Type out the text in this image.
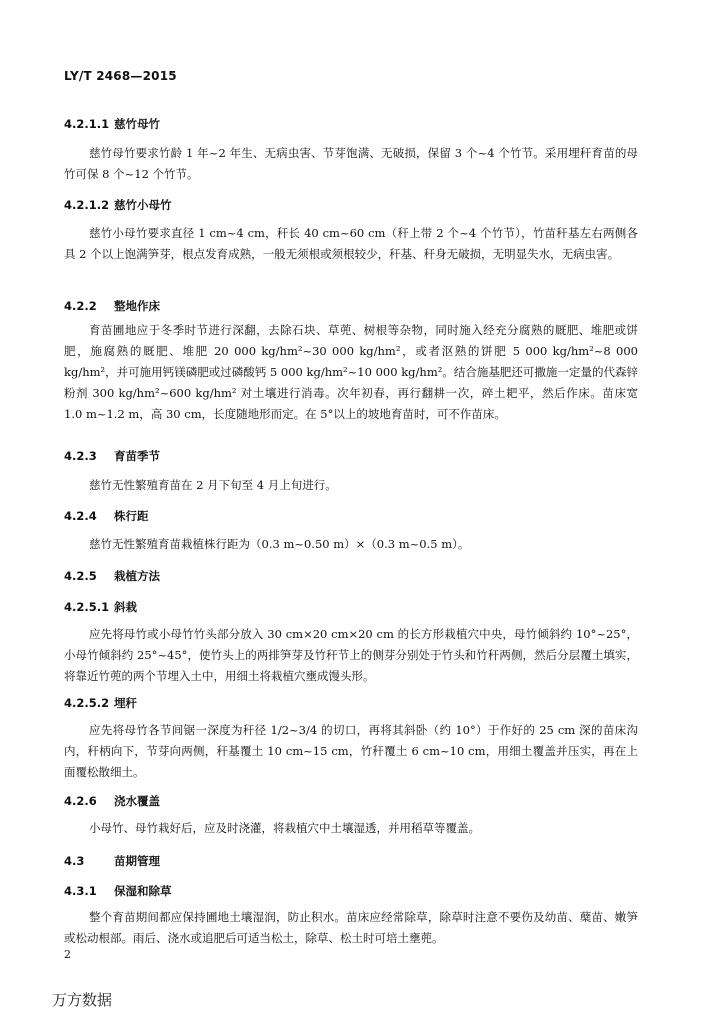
LY/T 2468—2015
4.2.1.1 慈竹母竹
慈竹母竹要求竹龄 1 年~2 年生、无病虫害、节芽饱满、无破损，保留 3 个~4 个竹节。采用埋秆育苗的母竹可保 8 个~12 个竹节。
4.2.1.2 慈竹小母竹
慈竹小母竹要求直径 1 cm~4 cm，秆长 40 cm~60 cm（秆上带 2 个~4 个竹节），竹苗秆基左右两侧各具 2 个以上饱满笋芽，根点发育成熟，一般无须根或须根较少，秆基、秆身无破损，无明显失水，无病虫害。
4.2.2 整地作床
育苗圃地应于冬季时节进行深翻，去除石块、草蔸、树根等杂物，同时施入经充分腐熟的厩肥、堆肥或饼肥，施腐熟的厩肥、堆肥 20 000 kg/hm²~30 000 kg/hm²，或者沤熟的饼肥 5 000 kg/hm²~8 000 kg/hm²，并可施用钙镁磷肥或过磷酸钙 5 000 kg/hm²~10 000 kg/hm²。结合施基肥还可撒施一定量的代森锌粉剂 300 kg/hm²~600 kg/hm² 对土壤进行消毒。次年初春，再行翻耕一次，碎土耙平，然后作床。苗床宽 1.0 m~1.2 m，高 30 cm，长度随地形而定。在 5°以上的坡地育苗时，可不作苗床。
4.2.3 育苗季节
慈竹无性繁殖育苗在 2 月下旬至 4 月上旬进行。
4.2.4 株行距
慈竹无性繁殖育苗栽植株行距为（0.3 m~0.50 m）×（0.3 m~0.5 m）。
4.2.5 栽植方法
4.2.5.1 斜栽
应先将母竹或小母竹竹头部分放入 30 cm×20 cm×20 cm 的长方形栽植穴中央，母竹倾斜约 10°~25°，小母竹倾斜约 25°~45°，使竹头上的两排笋芽及竹秆节上的侧芽分别处于竹头和竹秆两侧，然后分层覆土填实，将靠近竹蔸的两个节埋入土中，用细土将栽植穴壅成馒头形。
4.2.5.2 埋秆
应先将母竹各节间锯一深度为秆径 1/2~3/4 的切口，再将其斜卧（约 10°）于作好的 25 cm 深的苗床沟内，秆柄向下，节芽向两侧，秆基覆土 10 cm~15 cm，竹秆覆土 6 cm~10 cm，用细土覆盖并压实，再在上面覆松散细土。
4.2.6 浇水覆盖
小母竹、母竹栽好后，应及时浇灌，将栽植穴中土壤湿透，并用稻草等覆盖。
4.3	苗期管理
4.3.1 保湿和除草
整个育苗期间都应保持圃地土壤湿润，防止积水。苗床应经常除草，除草时注意不要伤及幼苗、蘖苗、嫩笋或松动根部。雨后、浇水或追肥后可适当松土，除草、松土时可培土壅蔸。
2
万方数据
